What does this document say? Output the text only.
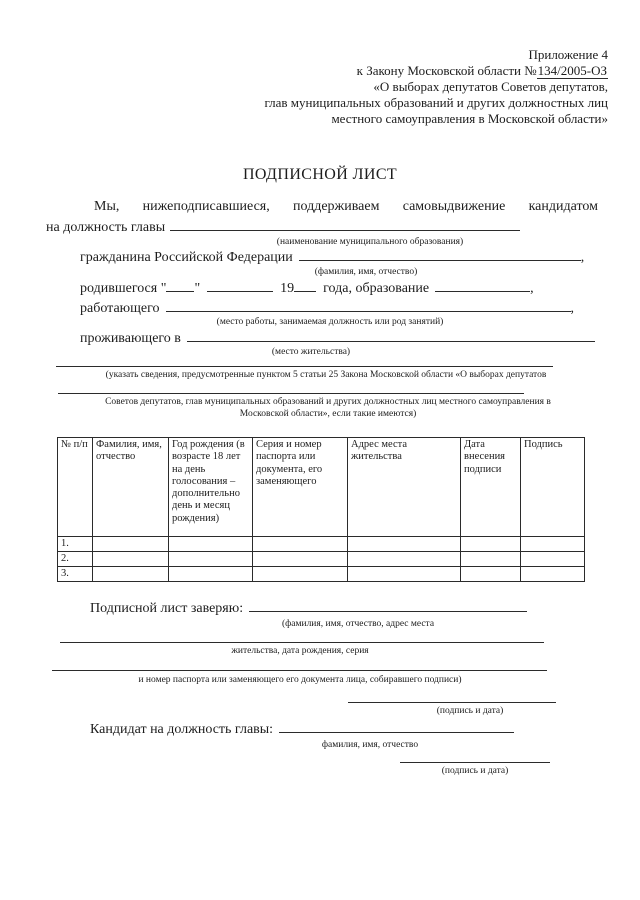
Приложение 4
к Закону Московской области №134/2005-ОЗ
«О выборах депутатов Советов депутатов,
глав муниципальных образований и других должностных лиц
местного самоуправления в Московской области»
ПОДПИСНОЙ ЛИСТ
Мы, нижеподписавшиеся, поддерживаем самовыдвижение кандидатом
на должность главы
(наименование муниципального образования)
гражданина Российской Федерации	,
(фамилия, имя, отчество)
родившегося " "	19 года, образование	,
работающего	,
(место работы, занимаемая должность или род занятий)
проживающего в
(место жительства)
(указать сведения, предусмотренные пунктом 5 статьи 25 Закона Московской области «О выборах депутатов
Советов депутатов, глав муниципальных образований и других должностных лиц местного самоуправления в
Московской области», если такие имеются)
№ п/п	Фамилия, имя, отчество	Год рождения (в возрасте 18 лет на день голосования – дополнительно день и месяц рождения)	Серия и номер паспорта или документа, его заменяющего	Адрес места жительства	Дата внесения подписи	Подпись
1.						
2.						
3.						
Подписной лист заверяю:
(фамилия, имя, отчество, адрес места
жительства, дата рождения, серия
и номер паспорта или заменяющего его документа лица, собиравшего подписи)
(подпись и дата)
Кандидат на должность главы:
фамилия, имя, отчество
(подпись и дата)
